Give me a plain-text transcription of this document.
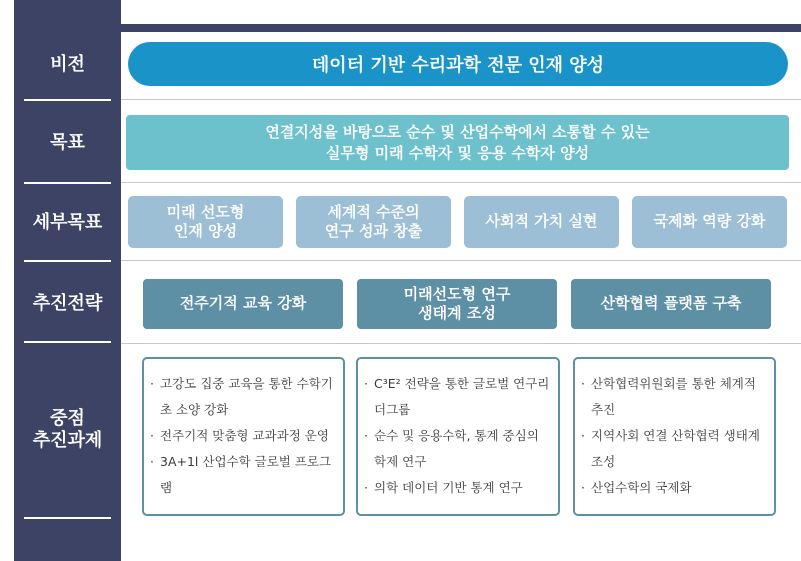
비전
목표
세부목표
추진전략
중점
추진과제
데이터 기반 수리과학 전문 인재 양성
연결지성을 바탕으로 순수 및 산업수학에서 소통할 수 있는
실무형 미래 수학자 및 응용 수학자 양성
미래 선도형
인재 양성
세계적 수준의
연구 성과 창출
사회적 가치 실현	국제화 역량 강화
전주기적 교육 강화
미래선도형 연구
생태계 조성
산학협력 플랫폼 구축
· 고강도 집중 교육을 통한 수학기초 소양 강화
· 전주기적 맞춤형 교과과정 운영
· 3A+1l 산업수학 글로벌 프로그램
· C³E² 전략을 통한 글로벌 연구리더그룹
· 순수 및 응용수학, 통계 중심의 학제 연구
· 의학 데이터 기반 통계 연구
· 산학협력위원회를 통한 체계적 추진
· 지역사회 연결 산학협력 생태계 조성
· 산업수학의 국제화
